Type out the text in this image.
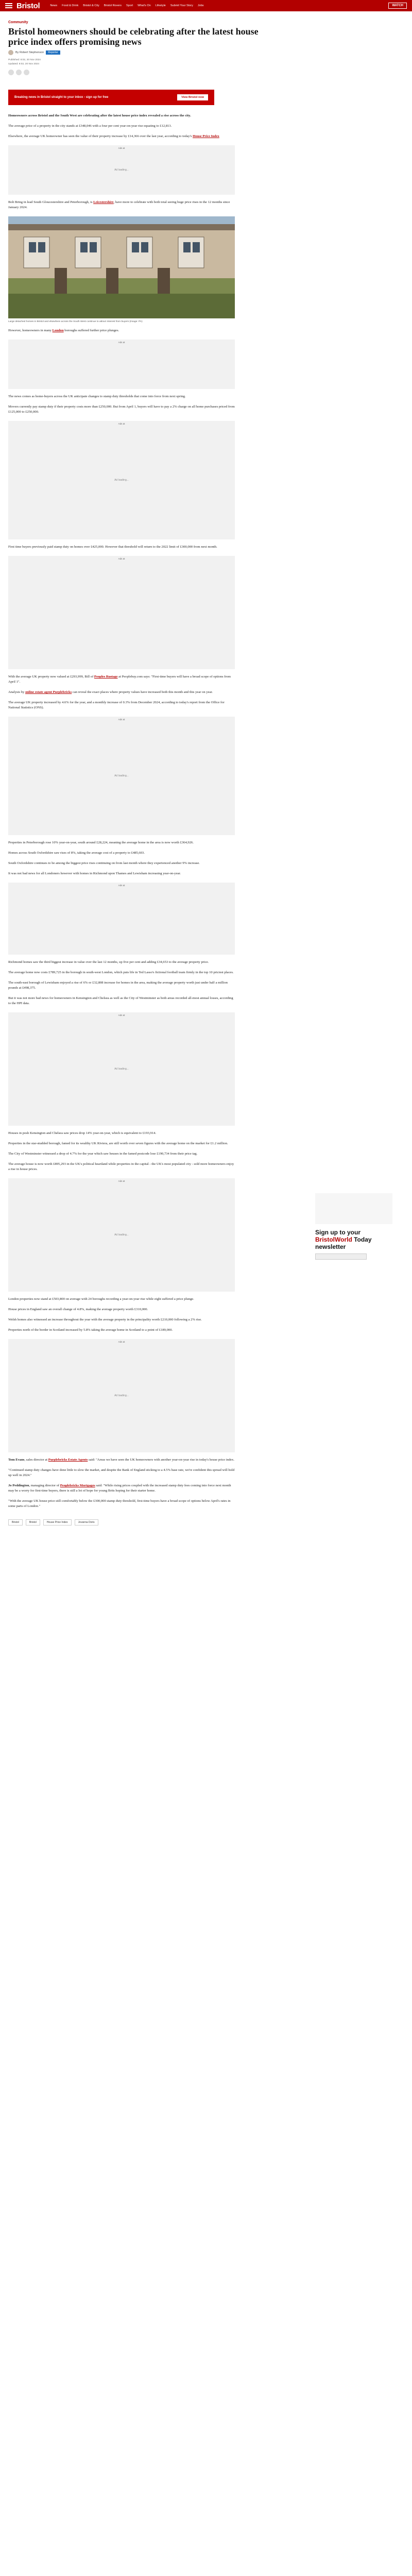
Bristol	News Food & Drink Bristol & City Bristol Rovers Sport What's On Lifestyle Submit Your Story Jobs	WATCH
Community
Bristol homeowners should be celebrating after the latest house price index offers promising news
By Robert Stephenson	Reporter
Published: 8:02, 20 Nov 2024
Updated: 8:02, 20 Nov 2024
Breaking news in Bristol straight to your inbox - sign up for free	View Bristol now

Homeowners across Bristol and the South West are celebrating after the latest house price index revealed a rise across the city.

The average price of a property in the city stands at £348,046 with a four per cent year-on-year rise equating to £12,813.

Elsewhere, the average UK homeowner has seen the value of their property increase by £14,366 over the last year, according to today's House Price Index

Ads at
Ad loading...

Bolt Bring in lead South Gloucestershire and Peterborough, is Leicestershire, have more to celebrate with both total seeing huge price rises in the 12 months since January 2024.

Large detached homes in Bristol and elsewhere across the South West continue to attract interest from buyers (Image: PA)

However, homeowners in many London boroughs suffered further price plunges.

Ads at

The news comes as home-buyers across the UK anticipate changes to stamp duty thresholds that come into force from next spring.

Movers currently pay stamp duty if their property costs more than £250,000. But from April 1, buyers will have to pay a 2% charge on all home purchases priced from £125,000 to £250,000.

Ads at
Ad loading...

First time buyers previously paid stamp duty on homes over £425,000. However that threshold will return to the 2022 limit of £300,000 from next month.

Ads at

With the average UK property now valued at £293,999, Bill of Peoples Rustage at Peoplebuy.com says: "First-time buyers will have a broad scope of options from April 1".

Analysis by online estate agent Purplebricks can reveal the exact places where property values have increased both this month and this year on year.

The average UK property increased by 4.6% for the year, and a monthly increase of 0.3% from December 2024, according to today's report from the Office for National Statistics (ONS).

Ads at
Ad loading...

Properties in Peterborough rose 10% year-on-year, south around £28,224, meaning the average home in the area is now worth £364,926.

Homes across South Oxfordshire saw rises of 8%, taking the average cost of a property to £485,603.

South Oxfordshire continues to be among the biggest price rises continuing on from last month where they experienced another 9% increase.

It was not bad news for all Londoners however with homes in Richmond upon Thames and Lewisham increasing year-on-year.

Ads at

Richmond homes saw the third biggest increase in value over the last 12 months, up five per cent and adding £34,653 to the average property price.

The average home now costs £789,725 in the borough in south-west London, which puts life in Ted Lasso's fictional football team firmly in the top 10 priciest places.

The south-east borough of Lewisham enjoyed a rise of 6% or £32,808 increase for homes in the area, making the average property worth just under half a million pounds at £498,375.

But it was not more bad news for homeowners in Kensington and Chelsea as well as the City of Westminster as both areas recorded all-most annual losses, according to the HPI data.

Ads at
Ad loading...

Houses in posh Kensington and Chelsea saw prices drop 14% year-on-year, which is equivalent to £193,914.

Properties in the star-studded borough, famed for its wealthy UK Riviera, are still worth over seven figures with the average home on the market for £1.2 million.

The City of Westminster witnessed a drop of 4.7% for the year which saw houses in the famed postcode lose £190,734 from their price tag.

The average house is now worth £895,293 in the UK's political heartland while properties in the capital - the UK's most populated city - sold more homeowners enjoy a rise in house prices.

Ads at
Ad loading...

London properties now stand at £503,800 on average with 24 boroughs recording a year-on-year rise while eight suffered a price plunge.

House prices in England saw an overall change of 4.8%, making the average property worth £310,000.

Welsh homes also witnessed an increase throughout the year with the average property in the principality worth £210,000 following a 2% rise.

Properties north of the border in Scotland increased by 5.8% taking the average home in Scotland to a point of £189,000.

Ads at
Ad loading...

Tom Evans, sales director at Purplebricks Estate Agents said: "Areas we have seen the UK homeowners with another year-on-year rise in today's house price index.

"Continued stamp duty changes have done little to slow the market, and despite the Bank of England sticking to a 4.5% base rate, we're confident this spread will hold up well in 2024."

Jo Peddington, managing director of Peoplebricks Mortgages said: "While rising prices coupled with the increased stamp duty fees coming into force next month may be a worry for first-time buyers, there is still a lot of hope for young Brits hoping for their starter home.

"With the average UK house price still comfortably below the £300,000 stamp duty threshold, first-time buyers have a broad scope of options below April's rates in some parts of London."

Bristol	Bristol	House Price Index	Jovanna Doris
Sign up to your BristolWorld Today newsletter
